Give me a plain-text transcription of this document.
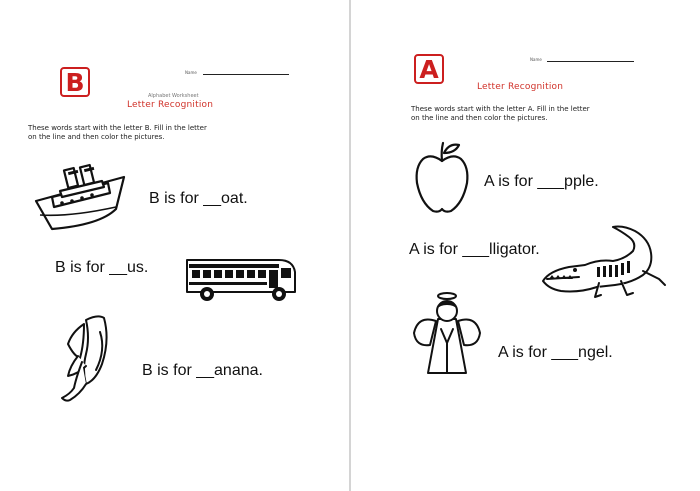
B	Name
Alphabet Worksheet
Letter Recognition
These words start with the letter B. Fill in the letter
on the line and then color the pictures.
B is for __oat.
B is for __us.
B is for __anana.
A	Name
Letter Recognition
These words start with the letter A. Fill in the letter
on the line and then color the pictures.
A is for ___pple.
A is for ___lligator.
A is for ___ngel.
